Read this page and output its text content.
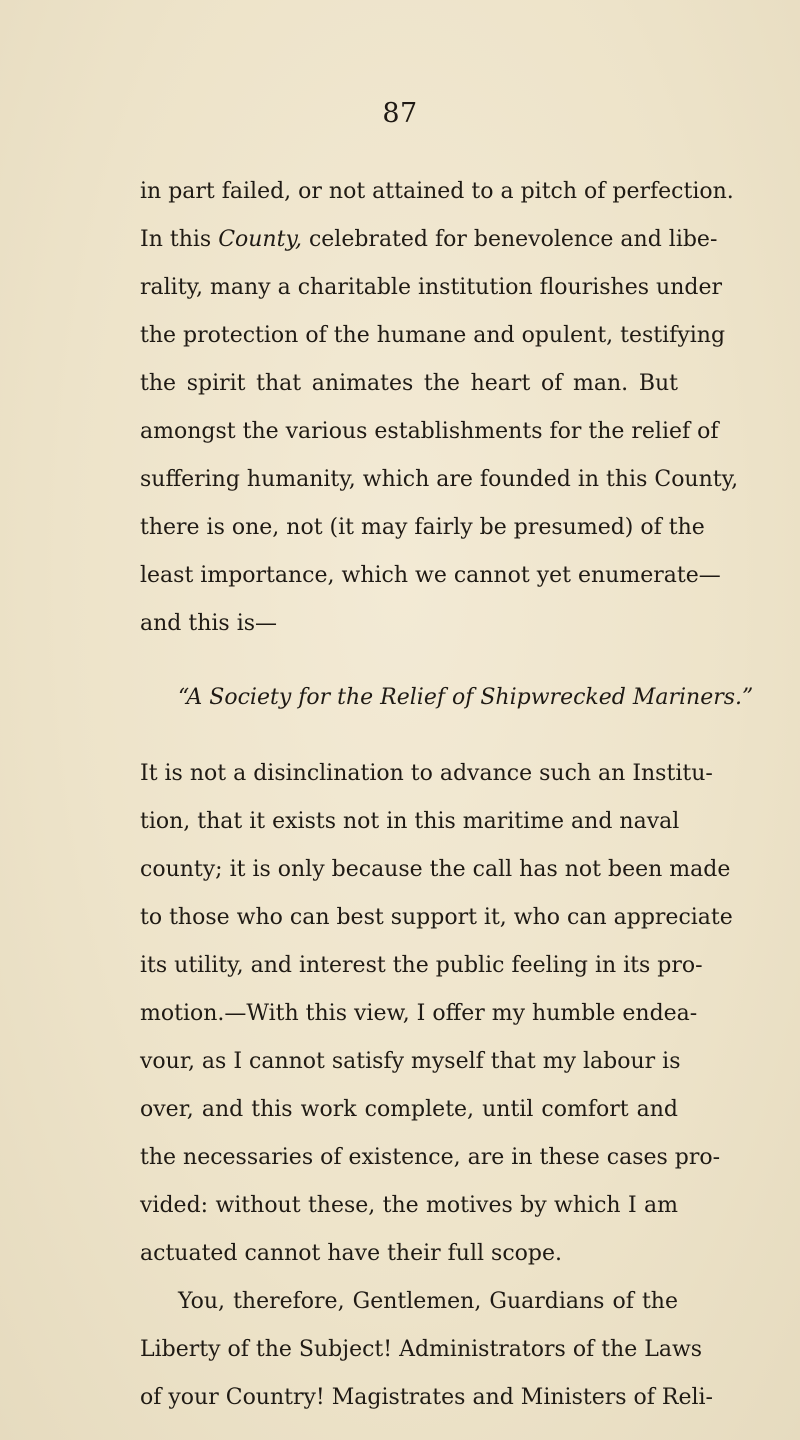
87
in part failed, or not attained to a pitch of perfection.
In this County, celebrated for benevolence and libe-
rality, many a charitable institution flourishes under
the protection of the humane and opulent, testifying
the spirit that animates the heart of man. But
amongst the various establishments for the relief of
suffering humanity, which are founded in this County,
there is one, not (it may fairly be presumed) of the
least importance, which we cannot yet enumerate—
and this is—
“A Society for the Relief of Shipwrecked Mariners.”
It is not a disinclination to advance such an Institu-
tion, that it exists not in this maritime and naval
county; it is only because the call has not been made
to those who can best support it, who can appreciate
its utility, and interest the public feeling in its pro-
motion.—With this view, I offer my humble endea-
vour, as I cannot satisfy myself that my labour is
over, and this work complete, until comfort and
the necessaries of existence, are in these cases pro-
vided: without these, the motives by which I am
actuated cannot have their full scope.
You, therefore, Gentlemen, Guardians of the
Liberty of the Subject! Administrators of the Laws
of your Country! Magistrates and Ministers of Reli-
